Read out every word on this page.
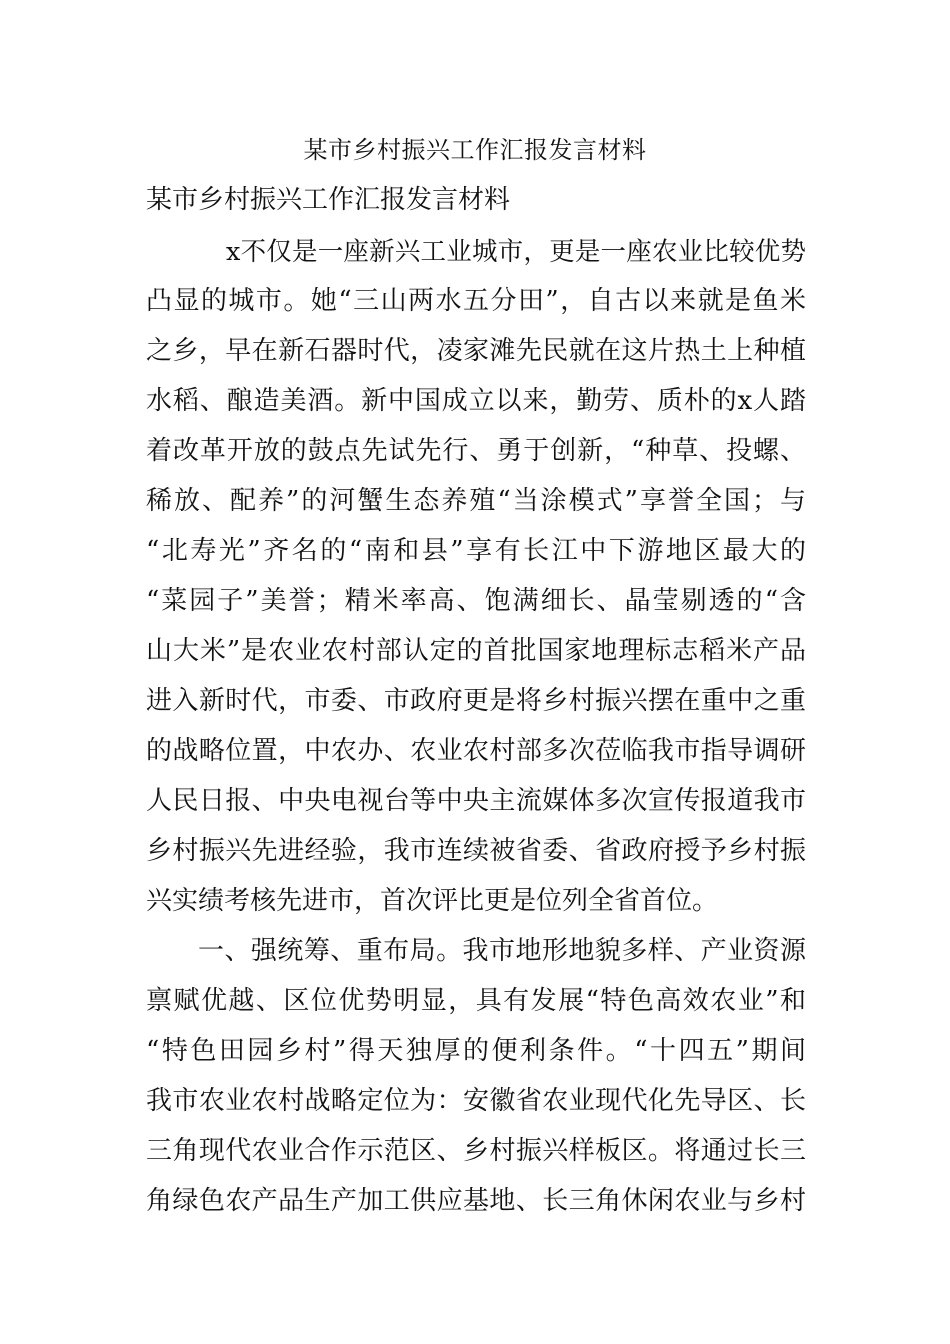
某市乡村振兴工作汇报发言材料
某市乡村振兴工作汇报发言材料
x不仅是一座新兴工业城市，更是一座农业比较优势
凸显的城市。她“三山两水五分田”，自古以来就是鱼米
之乡，早在新石器时代，凌家滩先民就在这片热土上种植
水稻、酿造美酒。新中国成立以来，勤劳、质朴的x人踏
着改革开放的鼓点先试先行、勇于创新，“种草、投螺、
稀放、配养”的河蟹生态养殖“当涂模式”享誉全国；与
“北寿光”齐名的“南和县”享有长江中下游地区最大的
“菜园子”美誉；精米率高、饱满细长、晶莹剔透的“含
山大米”是农业农村部认定的首批国家地理标志稻米产品
进入新时代，市委、市政府更是将乡村振兴摆在重中之重
的战略位置，中农办、农业农村部多次莅临我市指导调研
人民日报、中央电视台等中央主流媒体多次宣传报道我市
乡村振兴先进经验，我市连续被省委、省政府授予乡村振
兴实绩考核先进市，首次评比更是位列全省首位。
一、强统筹、重布局。我市地形地貌多样、产业资源
禀赋优越、区位优势明显，具有发展“特色高效农业”和
“特色田园乡村”得天独厚的便利条件。“十四五”期间
我市农业农村战略定位为：安徽省农业现代化先导区、长
三角现代农业合作示范区、乡村振兴样板区。将通过长三
角绿色农产品生产加工供应基地、长三角休闲农业与乡村
